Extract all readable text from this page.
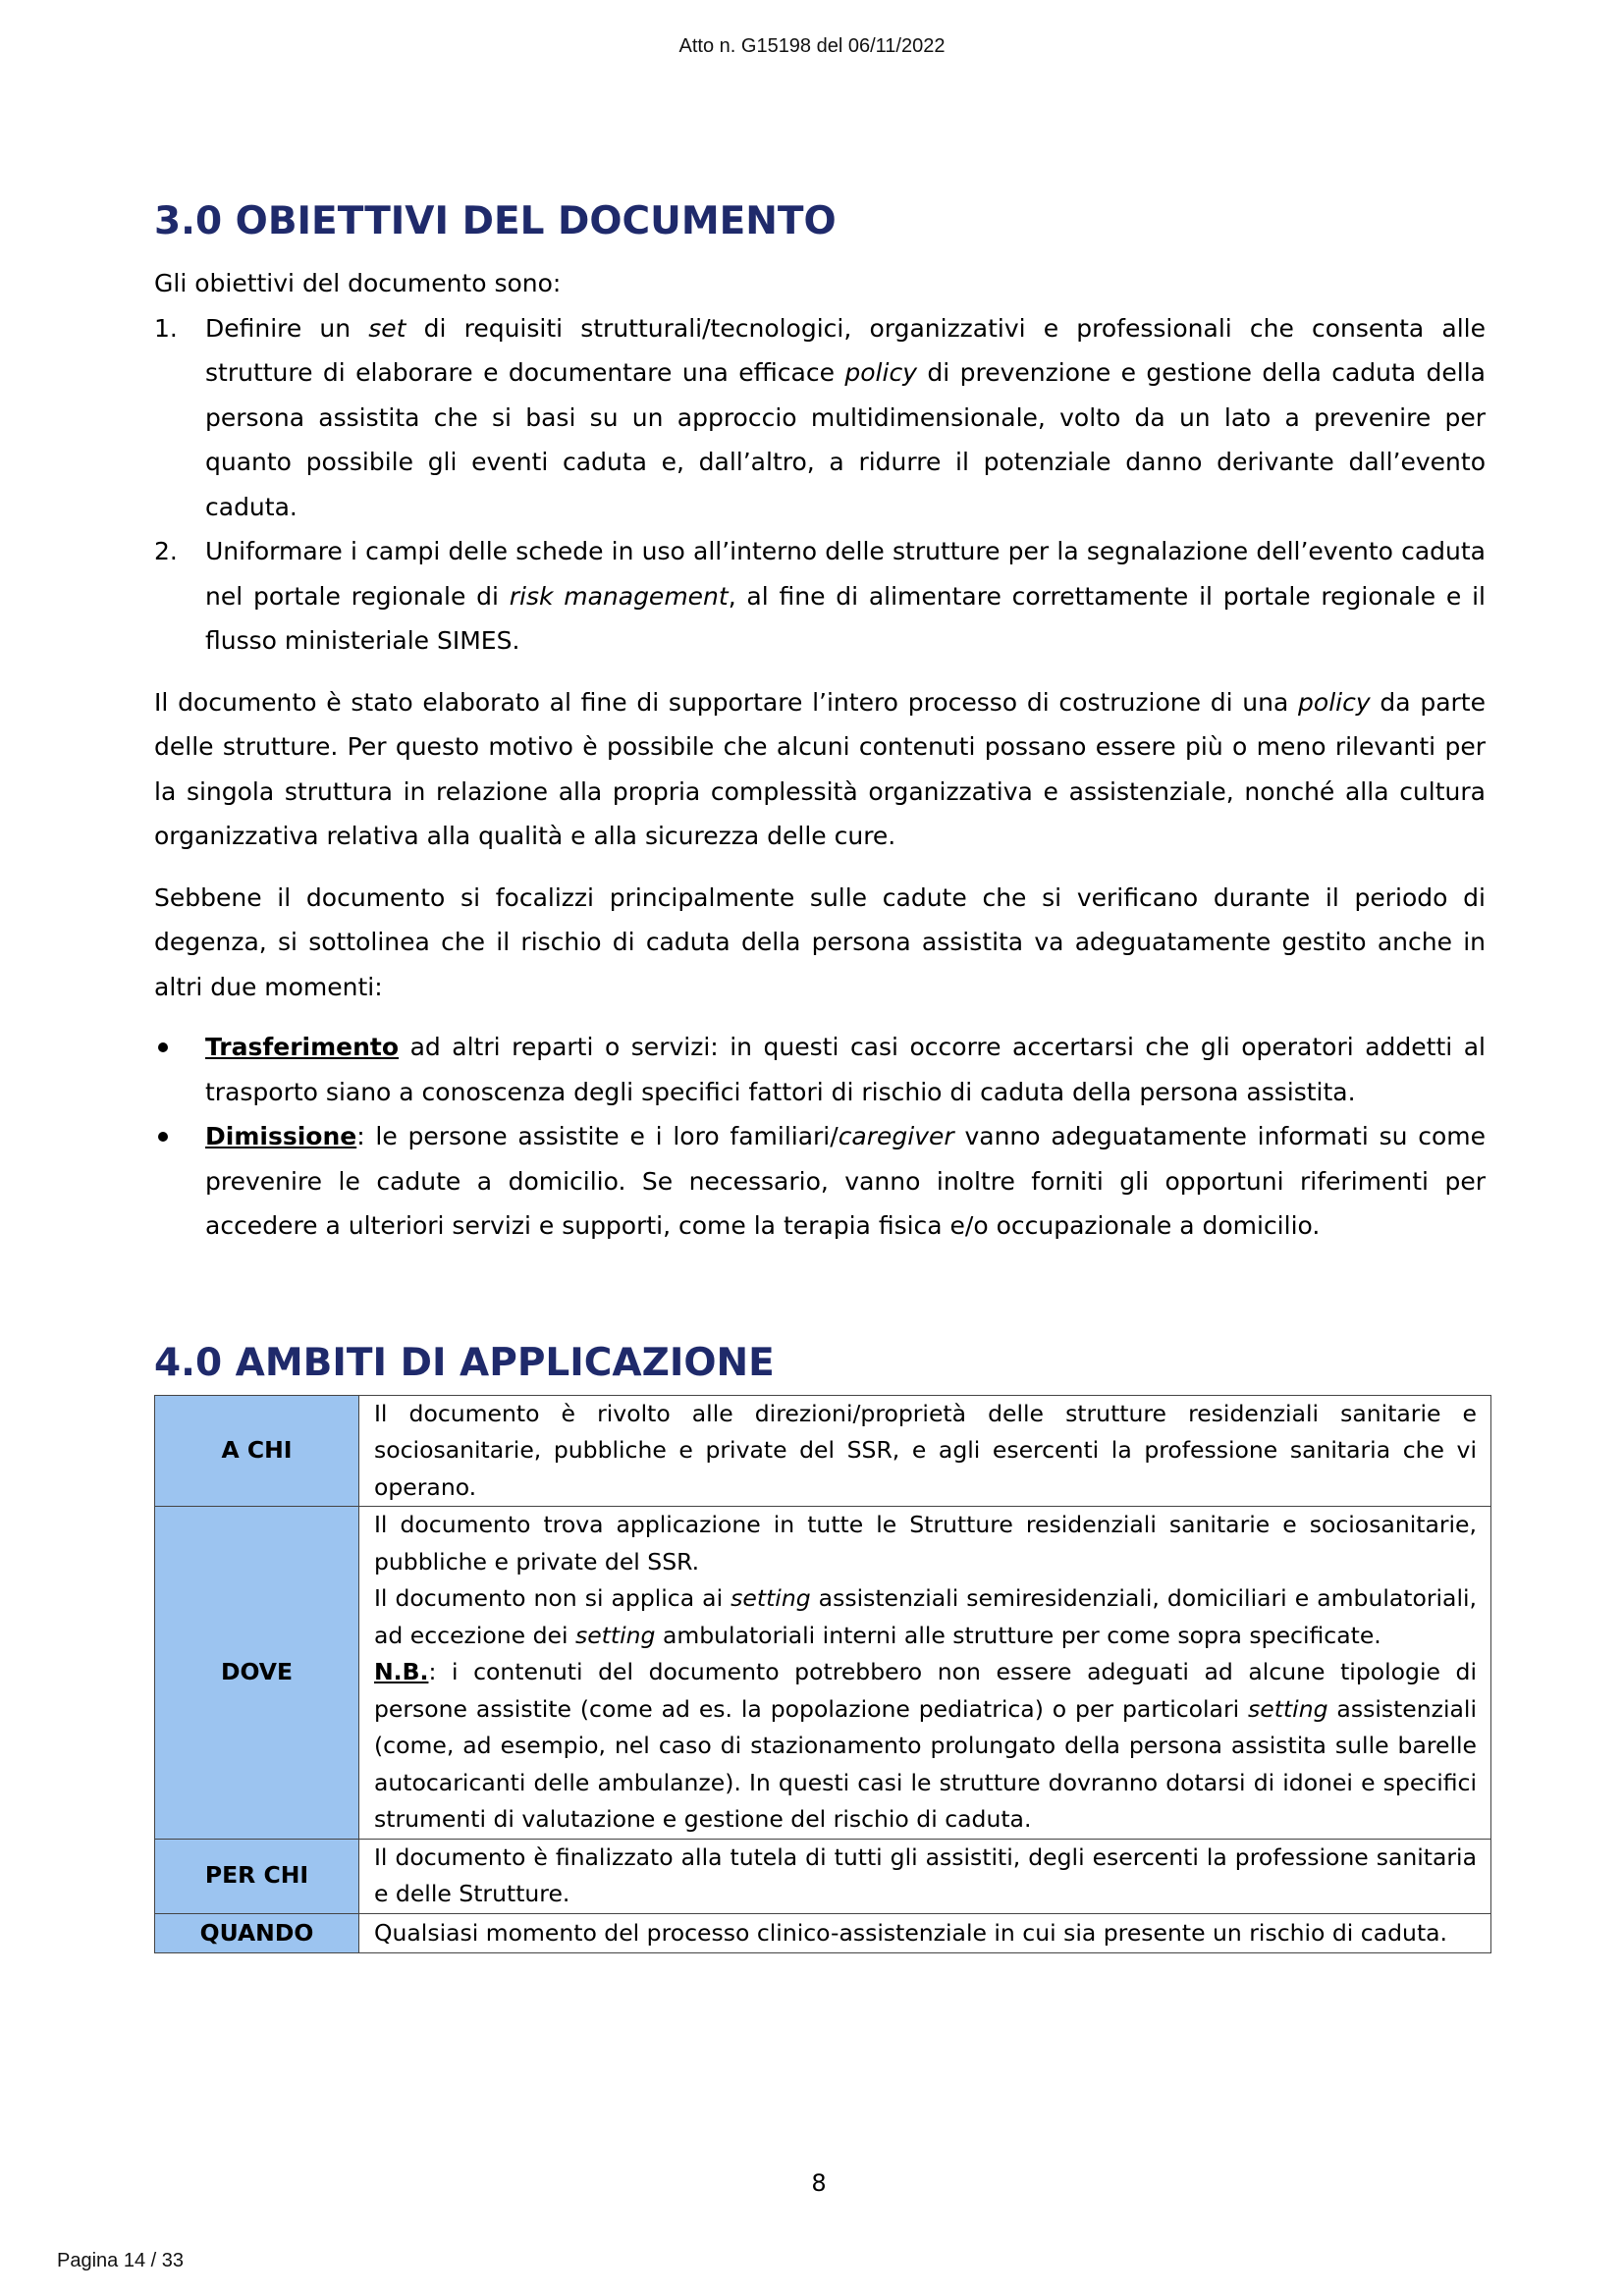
Atto n. G15198 del 06/11/2022
3.0 OBIETTIVI DEL DOCUMENTO

Gli obiettivi del documento sono:

1. Definire un set di requisiti strutturali/tecnologici, organizzativi e professionali che consenta alle strutture di elaborare e documentare una efficace policy di prevenzione e gestione della caduta della persona assistita che si basi su un approccio multidimensionale, volto da un lato a prevenire per quanto possibile gli eventi caduta e, dall’altro, a ridurre il potenziale danno derivante dall’evento caduta.
2. Uniformare i campi delle schede in uso all’interno delle strutture per la segnalazione dell’evento caduta nel portale regionale di risk management, al fine di alimentare correttamente il portale regionale e il flusso ministeriale SIMES.

Il documento è stato elaborato al fine di supportare l’intero processo di costruzione di una policy da parte delle strutture. Per questo motivo è possibile che alcuni contenuti possano essere più o meno rilevanti per la singola struttura in relazione alla propria complessità organizzativa e assistenziale, nonché alla cultura organizzativa relativa alla qualità e alla sicurezza delle cure.

Sebbene il documento si focalizzi principalmente sulle cadute che si verificano durante il periodo di degenza, si sottolinea che il rischio di caduta della persona assistita va adeguatamente gestito anche in altri due momenti:

Trasferimento ad altri reparti o servizi: in questi casi occorre accertarsi che gli operatori addetti al trasporto siano a conoscenza degli specifici fattori di rischio di caduta della persona assistita.
Dimissione: le persone assistite e i loro familiari/caregiver vanno adeguatamente informati su come prevenire le cadute a domicilio. Se necessario, vanno inoltre forniti gli opportuni riferimenti per accedere a ulteriori servizi e supporti, come la terapia fisica e/o occupazionale a domicilio.
4.0 AMBITI DI APPLICAZIONE
A CHI	Il documento è rivolto alle direzioni/proprietà delle strutture residenziali sanitarie e sociosanitarie, pubbliche e private del SSR, e agli esercenti la professione sanitaria che vi operano.
DOVE	Il documento trova applicazione in tutte le Strutture residenziali sanitarie e sociosanitarie, pubbliche e private del SSR.
Il documento non si applica ai setting assistenziali semiresidenziali, domiciliari e ambulatoriali, ad eccezione dei setting ambulatoriali interni alle strutture per come sopra specificate.
N.B.: i contenuti del documento potrebbero non essere adeguati ad alcune tipologie di persone assistite (come ad es. la popolazione pediatrica) o per particolari setting assistenziali (come, ad esempio, nel caso di stazionamento prolungato della persona assistita sulle barelle autocaricanti delle ambulanze). In questi casi le strutture dovranno dotarsi di idonei e specifici strumenti di valutazione e gestione del rischio di caduta.

PER CHI	Il documento è finalizzato alla tutela di tutti gli assistiti, degli esercenti la professione sanitaria e delle Strutture.
QUANDO	Qualsiasi momento del processo clinico-assistenziale in cui sia presente un rischio di caduta.
8
Pagina 14 / 33
